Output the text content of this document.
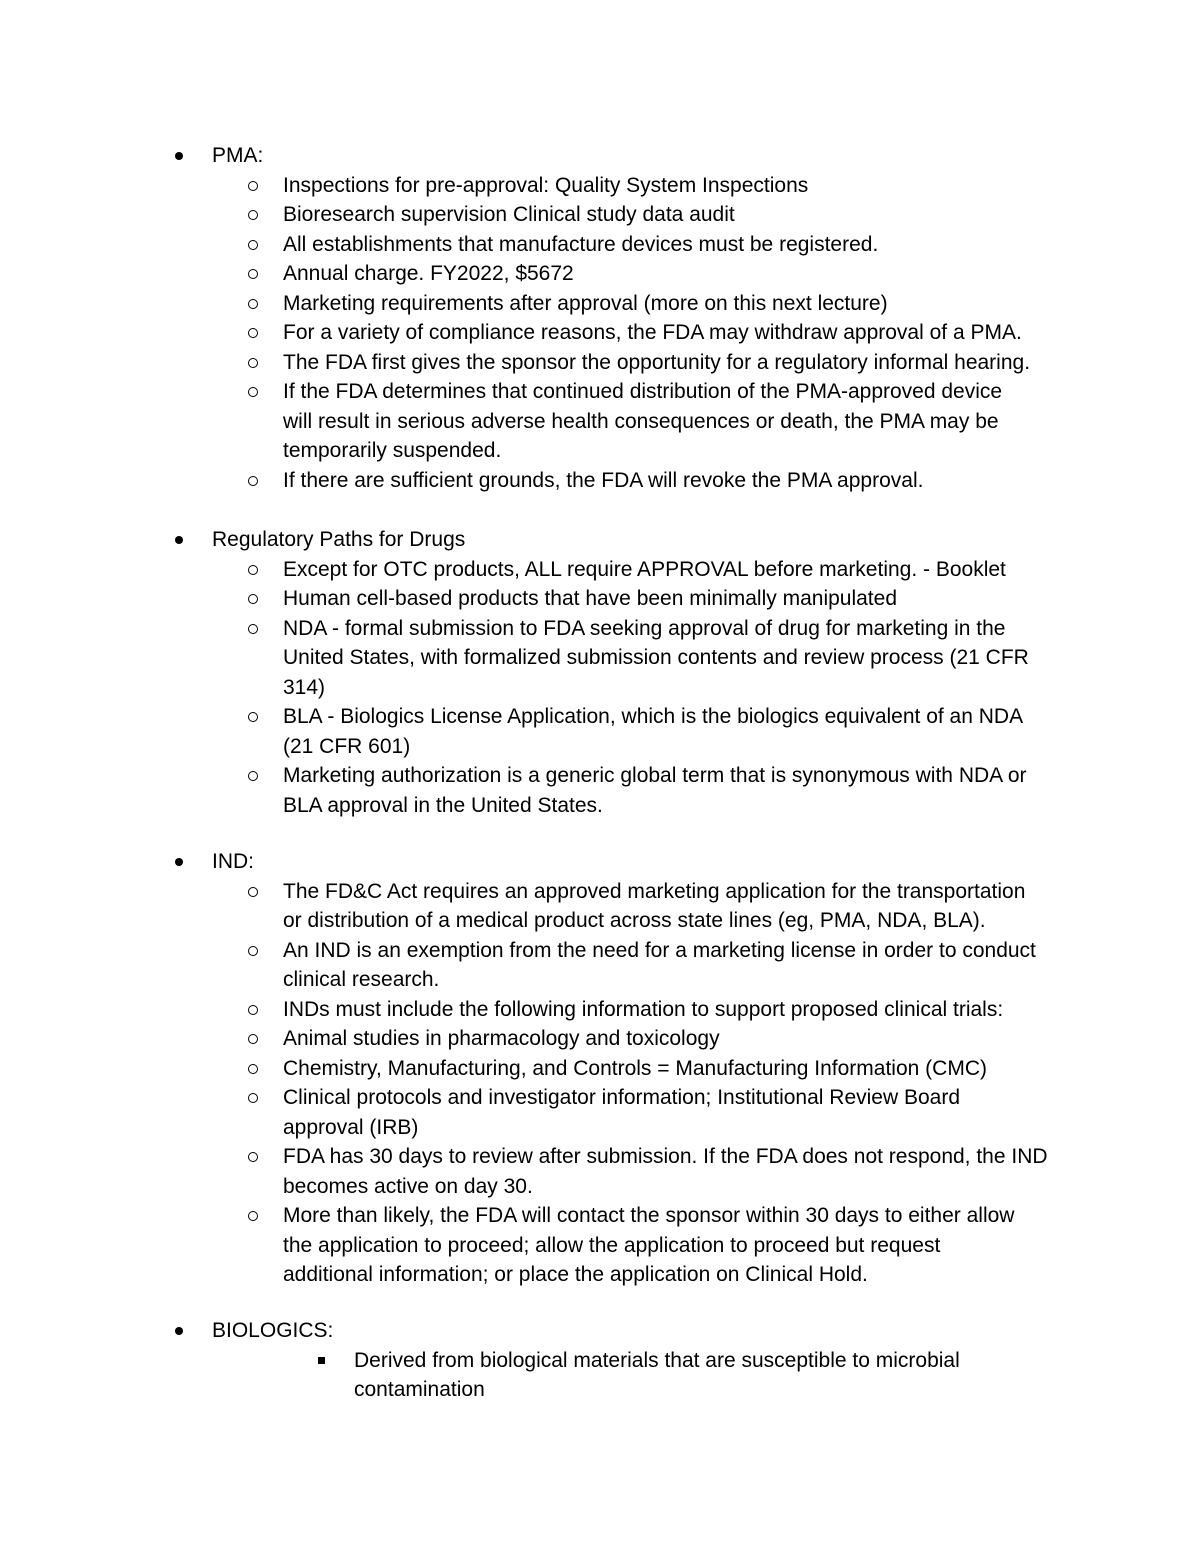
PMA:
Inspections for pre-approval: Quality System Inspections
Bioresearch supervision Clinical study data audit
All establishments that manufacture devices must be registered.
Annual charge. FY2022, $5672
Marketing requirements after approval (more on this next lecture)
For a variety of compliance reasons, the FDA may withdraw approval of a PMA.
The FDA first gives the sponsor the opportunity for a regulatory informal hearing.
If the FDA determines that continued distribution of the PMA-approved device
will result in serious adverse health consequences or death, the PMA may be
temporarily suspended.
If there are sufficient grounds, the FDA will revoke the PMA approval.
Regulatory Paths for Drugs
Except for OTC products, ALL require APPROVAL before marketing. - Booklet
Human cell-based products that have been minimally manipulated
NDA - formal submission to FDA seeking approval of drug for marketing in the
United States, with formalized submission contents and review process (21 CFR
314)
BLA - Biologics License Application, which is the biologics equivalent of an NDA
(21 CFR 601)
Marketing authorization is a generic global term that is synonymous with NDA or
BLA approval in the United States.
IND:
The FD&C Act requires an approved marketing application for the transportation
or distribution of a medical product across state lines (eg, PMA, NDA, BLA).
An IND is an exemption from the need for a marketing license in order to conduct
clinical research.
INDs must include the following information to support proposed clinical trials:
Animal studies in pharmacology and toxicology
Chemistry, Manufacturing, and Controls = Manufacturing Information (CMC)
Clinical protocols and investigator information; Institutional Review Board
approval (IRB)
FDA has 30 days to review after submission. If the FDA does not respond, the IND
becomes active on day 30.
More than likely, the FDA will contact the sponsor within 30 days to either allow
the application to proceed; allow the application to proceed but request
additional information; or place the application on Clinical Hold.
BIOLOGICS:
Derived from biological materials that are susceptible to microbial
contamination
